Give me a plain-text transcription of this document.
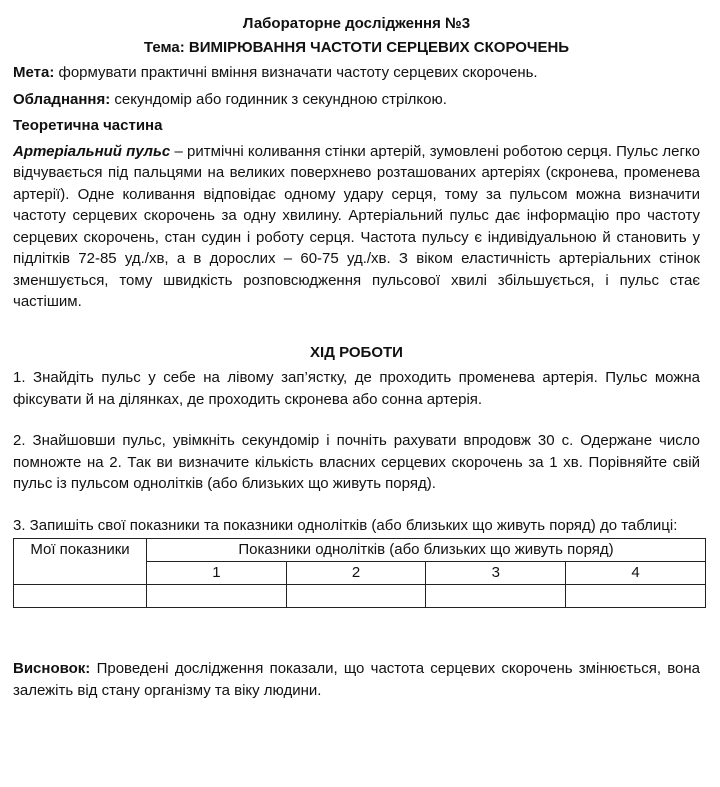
Лабораторне дослідження №3

Тема: ВИМІРЮВАННЯ ЧАСТОТИ СЕРЦЕВИХ СКОРОЧЕНЬ

Мета: формувати практичні вміння визначати частоту серцевих скорочень.

Обладнання: секундомір або годинник з секундною стрілкою.

Теоретична частина

Артеріальний пульс – ритмічні коливання стінки артерій, зумовлені роботою серця. Пульс легко відчувається під пальцями на великих поверхнево розташованих артеріях (скронева, променева артерії). Одне коливання відповідає одному удару серця, тому за пульсом можна визначити частоту серцевих скорочень за одну хвилину. Артеріальний пульс дає інформацію про частоту серцевих скорочень, стан судин і роботу серця. Частота пульсу є індивідуальною й становить у підлітків 72-85 уд./хв, а в дорослих – 60-75 уд./хв. З віком еластичність артеріальних стінок зменшується, тому швидкість розповсюдження пульсової хвилі збільшується, і пульс стає частішим.

ХІД РОБОТИ

1. Знайдіть пульс у себе на лівому зап’ястку, де проходить променева артерія. Пульс можна фіксувати й на ділянках, де проходить скронева або сонна артерія.

2. Знайшовши пульс, увімкніть секундомір і почніть рахувати впродовж 30 с. Одержане число помножте на 2. Так ви визначите кількість власних серцевих скорочень за 1 хв. Порівняйте свій пульс із пульсом однолітків (або близьких що живуть поряд).

3. Запишіть свої показники та показники однолітків (або близьких що живуть поряд) до таблиці:

Мої показники	Показники однолітків (або близьких що живуть поряд)			
	1	2	3	4

Висновок: Проведені дослідження показали, що частота серцевих скорочень змінюється, вона залежіть від стану організму та віку людини.
